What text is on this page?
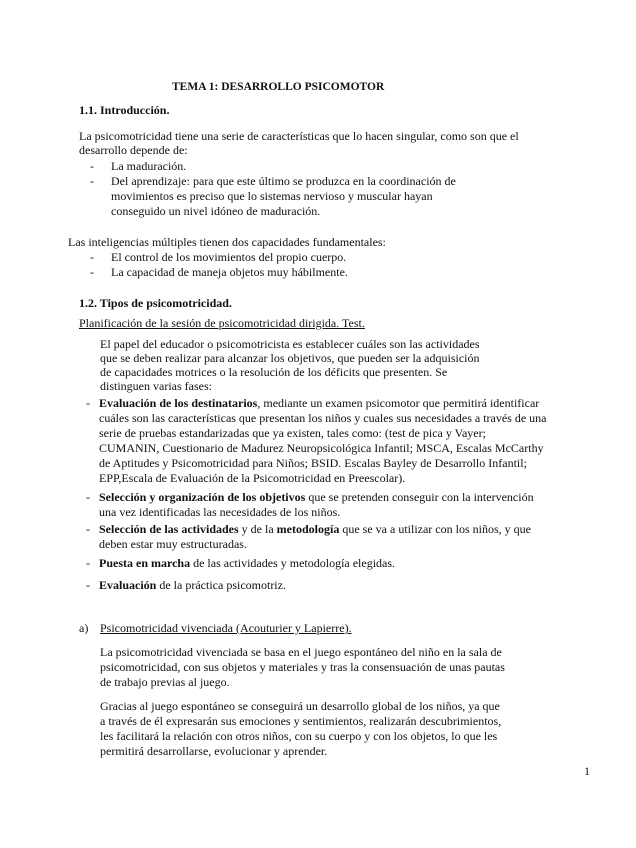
TEMA 1: DESARROLLO PSICOMOTOR
1.1. Introducción.
La psicomotricidad tiene una serie de características que lo hacen singular, como son que el
desarrollo depende de:
- La maduración.
- Del aprendizaje: para que este último se produzca en la coordinación de
movimientos es preciso que lo sistemas nervioso y muscular hayan
conseguido un nivel idóneo de maduración.
Las inteligencias múltiples tienen dos capacidades fundamentales:
- El control de los movimientos del propio cuerpo.
- La capacidad de maneja objetos muy hábilmente.
1.2. Tipos de psicomotricidad.
Planificación de la sesión de psicomotricidad dirigida. Test.
El papel del educador o psicomotricista es establecer cuáles son las actividades
que se deben realizar para alcanzar los objetivos, que pueden ser la adquisición
de capacidades motrices o la resolución de los déficits que presenten. Se
distinguen varias fases:
- Evaluación de los destinatarios, mediante un examen psicomotor que permitirá identificar
cuáles son las características que presentan los niños y cuales sus necesidades a través de una
serie de pruebas estandarizadas que ya existen, tales como: (test de pica y Vayer;
CUMANIN, Cuestionario de Madurez Neuropsicológica Infantil; MSCA, Escalas McCarthy
de Aptitudes y Psicomotricidad para Niños; BSID. Escalas Bayley de Desarrollo Infantil;
EPP,Escala de Evaluación de la Psicomotricidad en Preescolar).
- Selección y organización de los objetivos que se pretenden conseguir con la intervención
una vez identificadas las necesidades de los niños.
- Selección de las actividades y de la metodología que se va a utilizar con los niños, y que
deben estar muy estructuradas.
- Puesta en marcha de las actividades y metodología elegidas.
- Evaluación de la práctica psicomotriz.
a) Psicomotricidad vivenciada (Acouturier y Lapierre).
La psicomotricidad vivenciada se basa en el juego espontáneo del niño en la sala de
psicomotricidad, con sus objetos y materiales y tras la consensuación de unas pautas
de trabajo previas al juego.
Gracias al juego espontáneo se conseguirá un desarrollo global de los niños, ya que
a través de él expresarán sus emociones y sentimientos, realizarán descubrimientos,
les facilitará la relación con otros niños, con su cuerpo y con los objetos, lo que les
permitirá desarrollarse, evolucionar y aprender.
1
